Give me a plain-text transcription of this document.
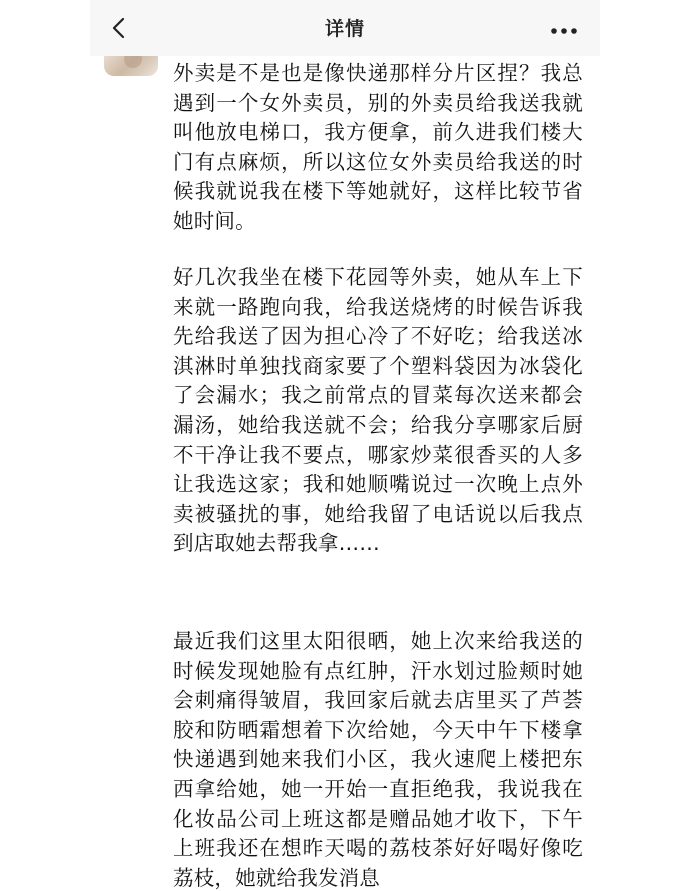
详情

外卖是不是也是像快递那样分片区捏？我总遇到一个女外卖员，别的外卖员给我送我就叫他放电梯口，我方便拿，前久进我们楼大门有点麻烦，所以这位女外卖员给我送的时候我就说我在楼下等她就好，这样比较节省她时间。

好几次我坐在楼下花园等外卖，她从车上下来就一路跑向我，给我送烧烤的时候告诉我先给我送了因为担心冷了不好吃；给我送冰淇淋时单独找商家要了个塑料袋因为冰袋化了会漏水；我之前常点的冒菜每次送来都会漏汤，她给我送就不会；给我分享哪家后厨不干净让我不要点，哪家炒菜很香买的人多让我选这家；我和她顺嘴说过一次晚上点外卖被骚扰的事，她给我留了电话说以后我点到店取她去帮我拿……

最近我们这里太阳很晒，她上次来给我送的时候发现她脸有点红肿，汗水划过脸颊时她会刺痛得皱眉，我回家后就去店里买了芦荟胶和防晒霜想着下次给她，今天中午下楼拿快递遇到她来我们小区，我火速爬上楼把东西拿给她，她一开始一直拒绝我，我说我在化妆品公司上班这都是赠品她才收下，下午上班我还在想昨天喝的荔枝茶好好喝好像吃荔枝，她就给我发消息
